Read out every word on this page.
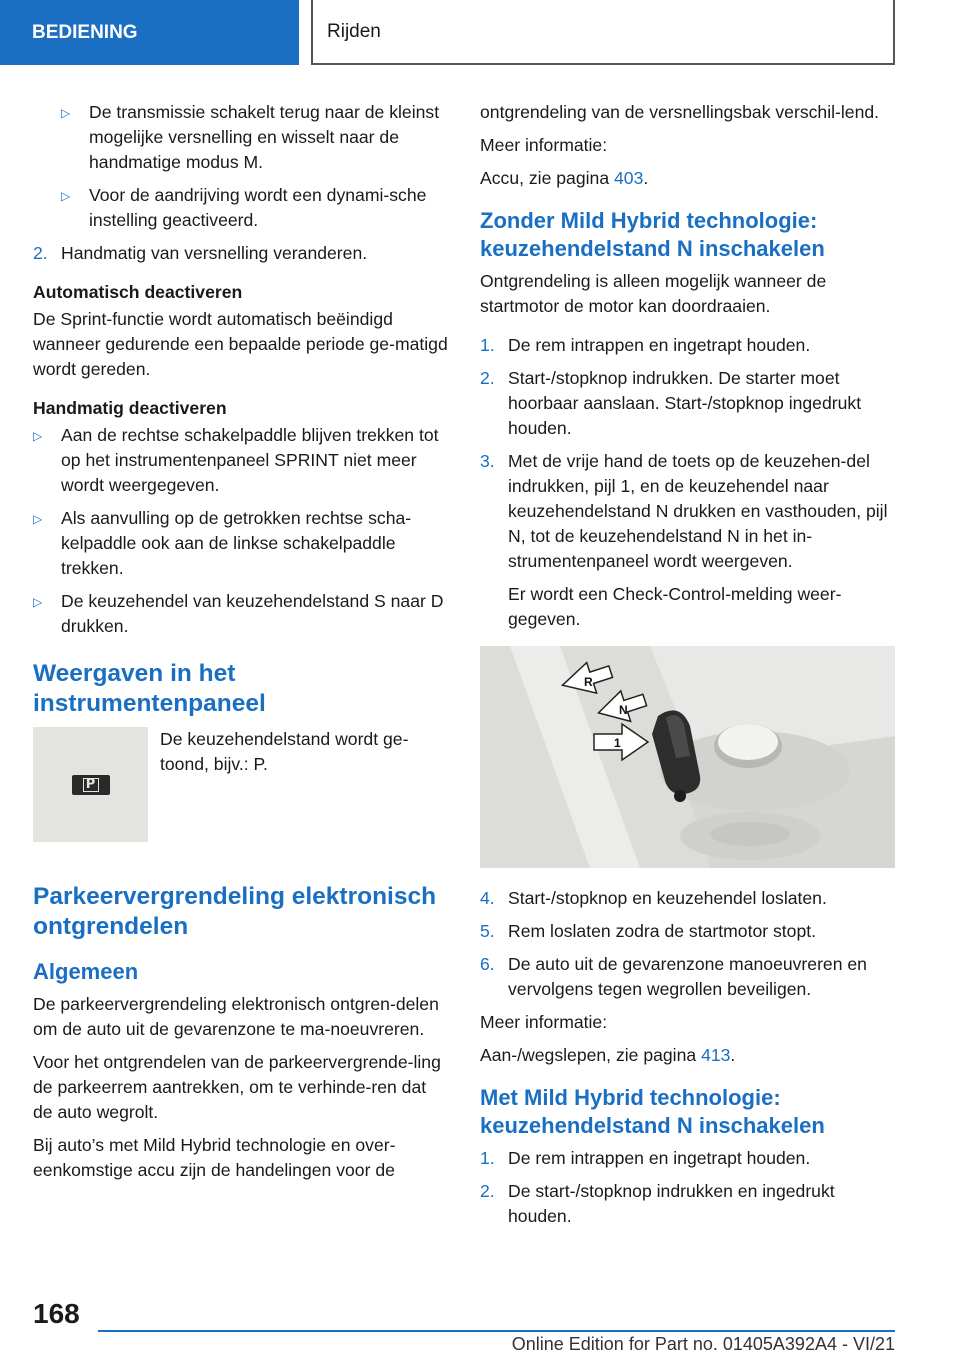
BEDIENING	Rijden
▷ De transmissie schakelt terug naar de kleinst mogelijke versnelling en wisselt naar de handmatige modus M.
▷ Voor de aandrijving wordt een dynami-sche instelling geactiveerd.
2. Handmatig van versnelling veranderen.

Automatisch deactiveren

De Sprint-functie wordt automatisch beëindigd wanneer gedurende een bepaalde periode ge-matigd wordt gereden.

Handmatig deactiveren

▷ Aan de rechtse schakelpaddle blijven trekken tot op het instrumentenpaneel SPRINT niet meer wordt weergegeven.
▷ Als aanvulling op de getrokken rechtse scha-kelpaddle ook aan de linkse schakelpaddle trekken.
▷ De keuzehendel van keuzehendelstand S naar D drukken.
Weergaven in het instrumentenpaneel
P

De keuzehendelstand wordt ge-toond, bijv.: P.

Parkeervergrendeling elektronisch ontgrendelen
Algemeen

De parkeervergrendeling elektronisch ontgren-delen om de auto uit de gevarenzone te ma-noeuvreren.

Voor het ontgrendelen van de parkeervergrende-ling de parkeerrem aantrekken, om te verhinde-ren dat de auto wegrolt.

Bij auto’s met Mild Hybrid technologie en over-eenkomstige accu zijn de handelingen voor de

ontgrendeling van de versnellingsbak verschil-lend.

Meer informatie:

Accu, zie pagina 403.

Zonder Mild Hybrid technologie: keuzehendelstand N inschakelen

Ontgrendeling is alleen mogelijk wanneer de startmotor de motor kan doordraaien.

1. De rem intrappen en ingetrapt houden.
2. Start-/stopknop indrukken. De starter moet hoorbaar aanslaan. Start-/stopknop ingedrukt houden.
3. Met de vrije hand de toets op de keuzehen-del indrukken, pijl 1, en de keuzehendel naar keuzehendelstand N drukken en vasthouden, pijl N, tot de keuzehendelstand N in het in-strumentenpaneel wordt weergeven.

Er wordt een Check-Control-melding weer-gegeven.

R
N
1
4. Start-/stopknop en keuzehendel loslaten.
5. Rem loslaten zodra de startmotor stopt.
6. De auto uit de gevarenzone manoeuvreren en vervolgens tegen wegrollen beveiligen.

Meer informatie:

Aan-/wegslepen, zie pagina 413.

Met Mild Hybrid technologie: keuzehendelstand N inschakelen
1. De rem intrappen en ingetrapt houden.
2. De start-/stopknop indrukken en ingedrukt houden.
168
Online Edition for Part no. 01405A392A4 - VI/21
